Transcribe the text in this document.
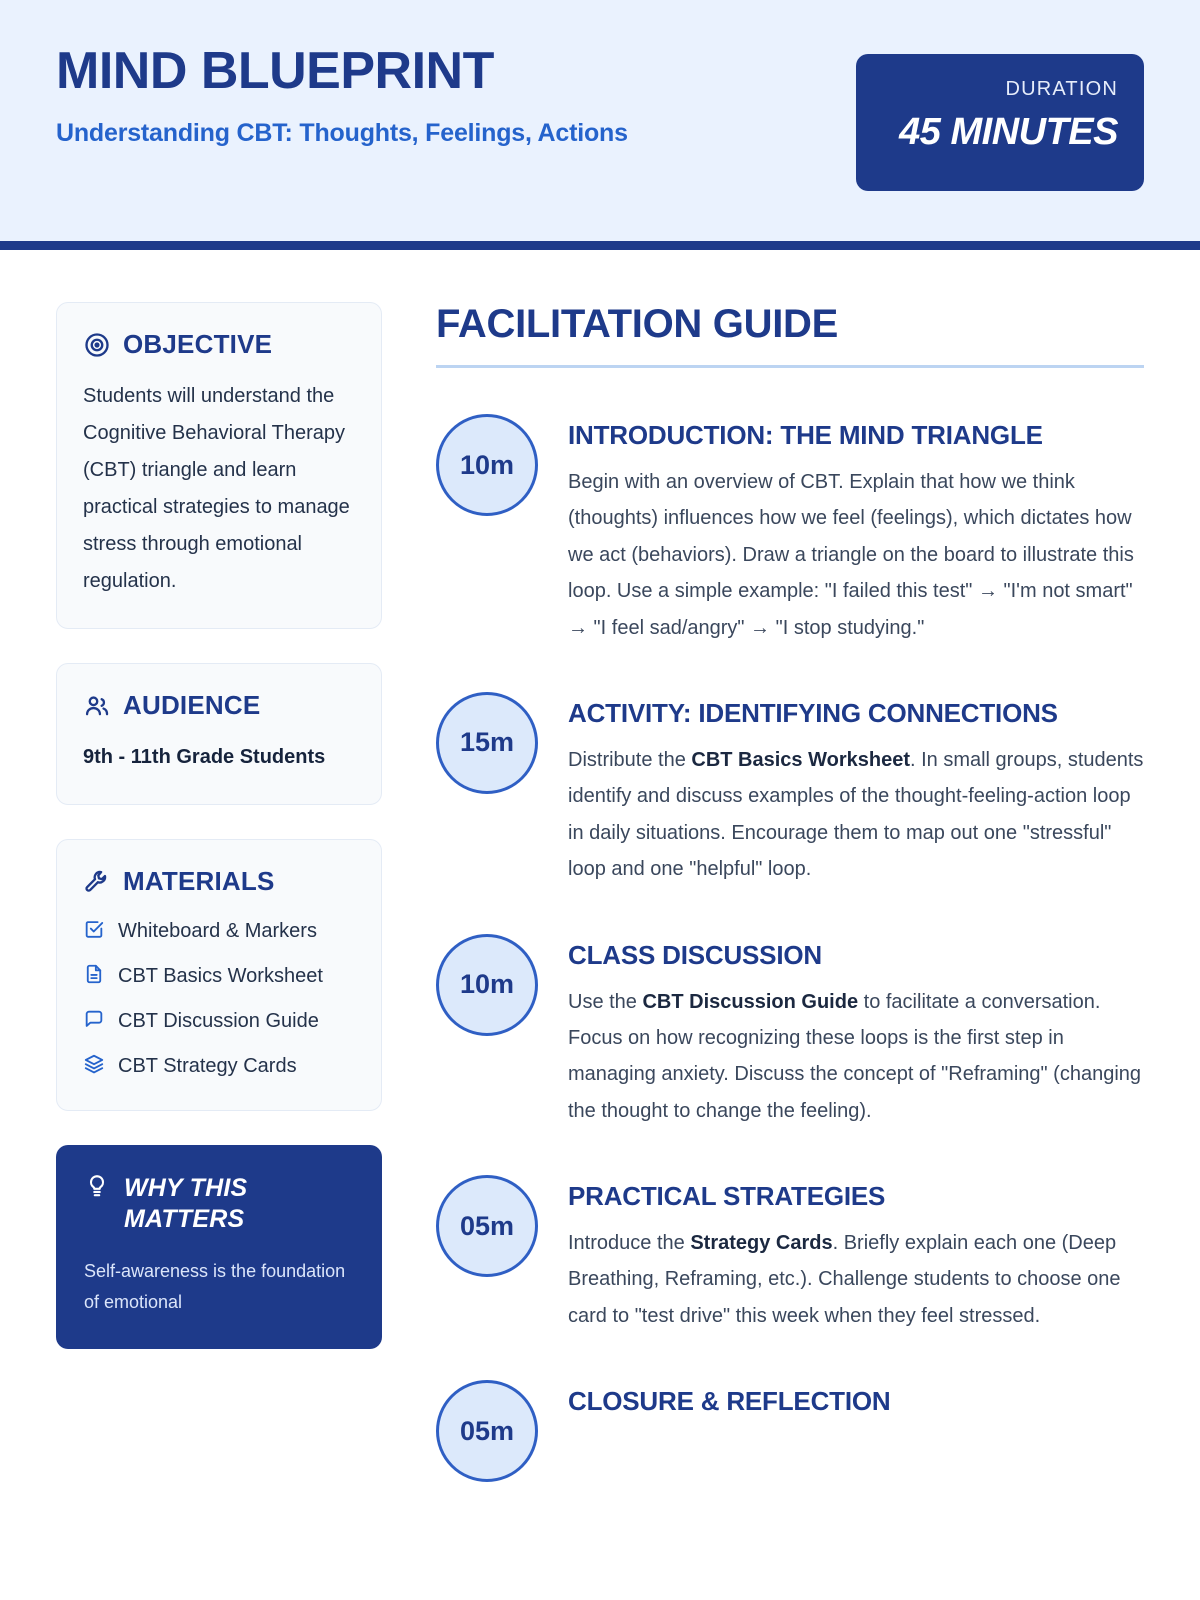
MIND BLUEPRINT
Understanding CBT: Thoughts, Feelings, Actions
DURATION
45 MINUTES
OBJECTIVE
Students will understand the Cognitive Behavioral Therapy (CBT) triangle and learn practical strategies to manage stress through emotional regulation.
AUDIENCE
9th - 11th Grade Students
MATERIALS
Whiteboard & Markers
CBT Basics Worksheet
CBT Discussion Guide
CBT Strategy Cards
WHY THIS MATTERS
Self-awareness is the foundation of emotional
FACILITATION GUIDE
10m
INTRODUCTION: THE MIND TRIANGLE
Begin with an overview of CBT. Explain that how we think (thoughts) influences how we feel (feelings), which dictates how we act (behaviors). Draw a triangle on the board to illustrate this loop. Use a simple example: "I failed this test" → "I'm not smart" → "I feel sad/angry" → "I stop studying."
15m
ACTIVITY: IDENTIFYING CONNECTIONS
Distribute the CBT Basics Worksheet. In small groups, students identify and discuss examples of the thought-feeling-action loop in daily situations. Encourage them to map out one "stressful" loop and one "helpful" loop.
10m
CLASS DISCUSSION
Use the CBT Discussion Guide to facilitate a conversation. Focus on how recognizing these loops is the first step in managing anxiety. Discuss the concept of "Reframing" (changing the thought to change the feeling).
05m
PRACTICAL STRATEGIES
Introduce the Strategy Cards. Briefly explain each one (Deep Breathing, Reframing, etc.). Challenge students to choose one card to "test drive" this week when they feel stressed.
05m
CLOSURE & REFLECTION
